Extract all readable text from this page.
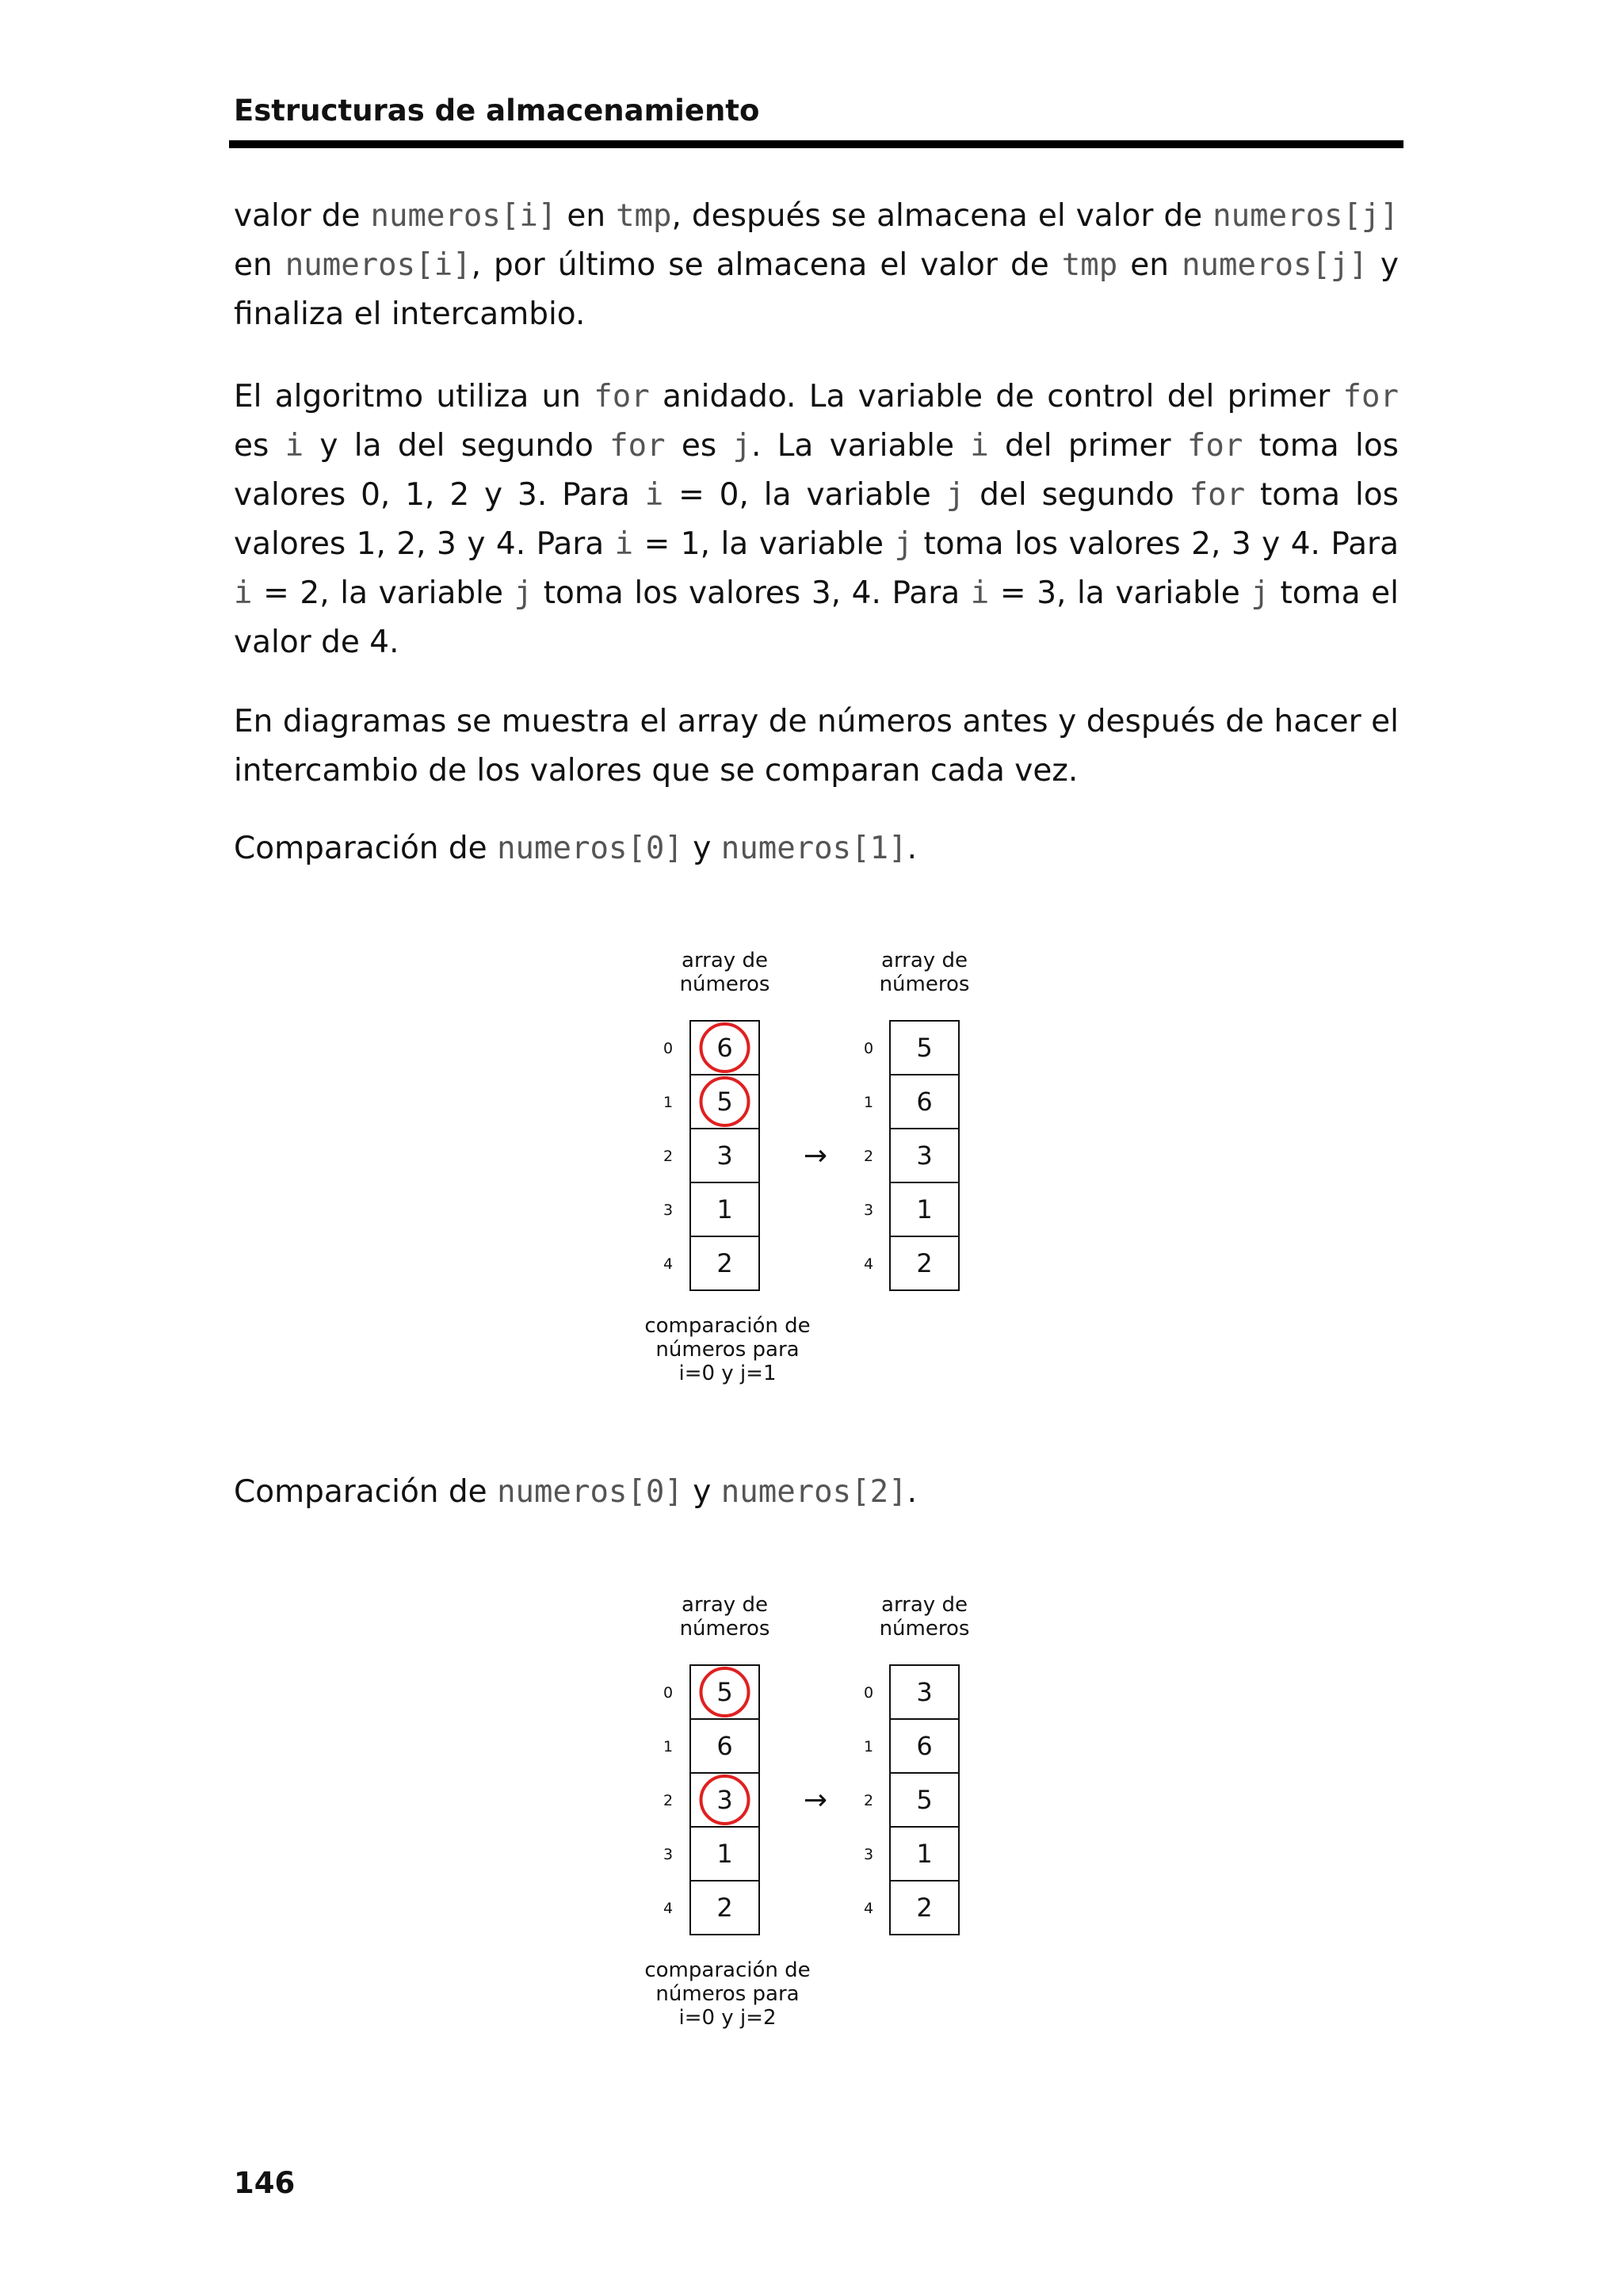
Estructuras de almacenamiento

valor de numeros[i] en tmp, después se almacena el valor de numeros[j] en numeros[i], por último se almacena el valor de tmp en numeros[j] y finaliza el intercambio.

El algoritmo utiliza un for anidado. La variable de control del primer for es i y la del segundo for es j. La variable i del primer for toma los valores 0, 1, 2 y 3. Para i = 0, la variable j del segundo for toma los valores 1, 2, 3 y 4. Para i = 1, la variable j toma los valores 2, 3 y 4. Para i = 2, la variable j toma los valores 3, 4. Para i = 3, la variable j toma el valor de 4.

En diagramas se muestra el array de números antes y después de hacer el intercambio de los valores que se comparan cada vez.

Comparación de numeros[0] y numeros[1].

array de
números
0 6
1 5
2 3
3 1
4 2
array de
números
0 5
1 6
2 3
3 1
4 2
→
comparación de
números para
i=0 y j=1

Comparación de numeros[0] y numeros[2].

array de
números
0 5
1 6
2 3
3 1
4 2
array de
números
0 3
1 6
2 5
3 1
4 2
→
comparación de
números para
i=0 y j=2

146
